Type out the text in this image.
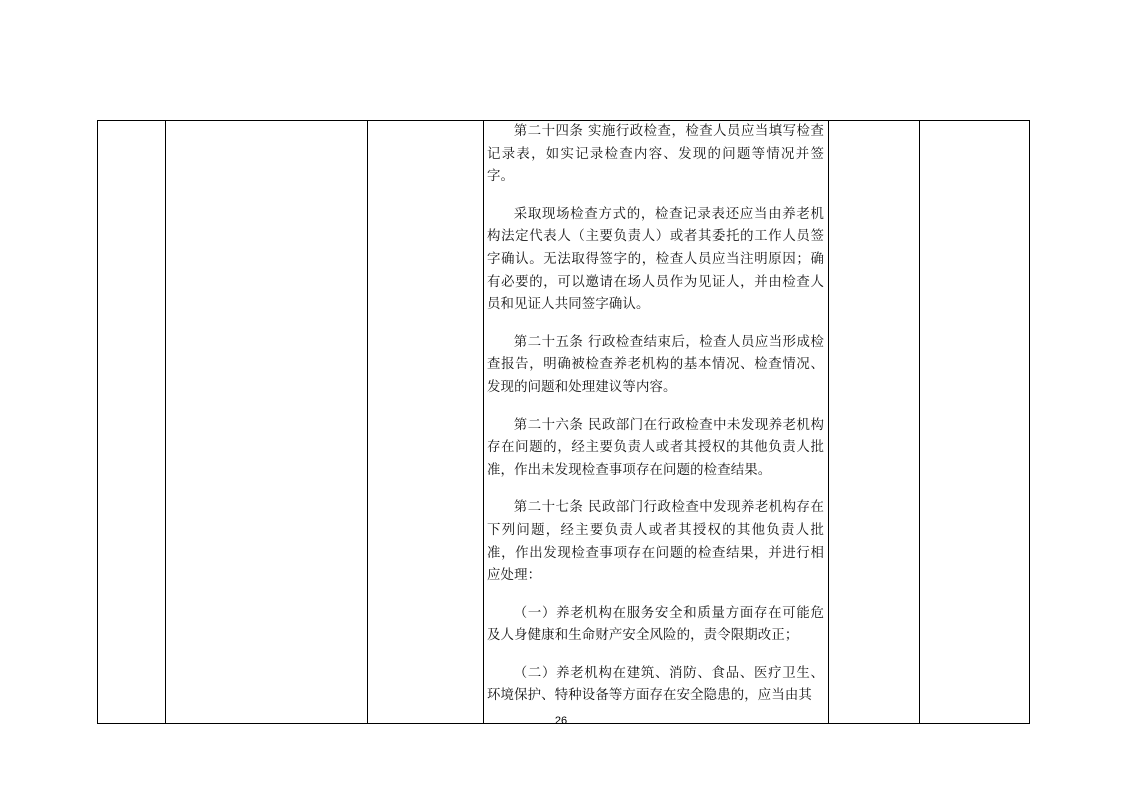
第二十四条 实施行政检查，检查人员应当填写检查记录表，如实记录检查内容、发现的问题等情况并签字。

采取现场检查方式的，检查记录表还应当由养老机构法定代表人（主要负责人）或者其委托的工作人员签字确认。无法取得签字的，检查人员应当注明原因；确有必要的，可以邀请在场人员作为见证人，并由检查人员和见证人共同签字确认。

第二十五条 行政检查结束后，检查人员应当形成检查报告，明确被检查养老机构的基本情况、检查情况、发现的问题和处理建议等内容。

第二十六条 民政部门在行政检查中未发现养老机构存在问题的，经主要负责人或者其授权的其他负责人批准，作出未发现检查事项存在问题的检查结果。

第二十七条 民政部门行政检查中发现养老机构存在下列问题，经主要负责人或者其授权的其他负责人批准，作出发现检查事项存在问题的检查结果，并进行相应处理：

（一）养老机构在服务安全和质量方面存在可能危及人身健康和生命财产安全风险的，责令限期改正；

（二）养老机构在建筑、消防、食品、医疗卫生、环境保护、特种设备等方面存在安全隐患的，应当由其

26
